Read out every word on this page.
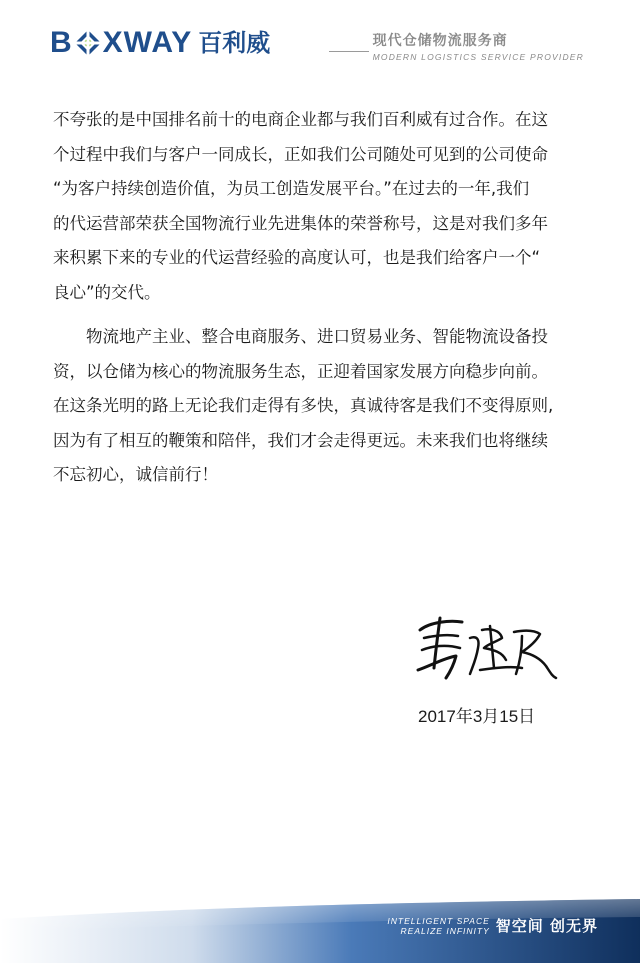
B XWAY 百利威	现代仓储物流服务商
MODERN LOGISTICS SERVICE PROVIDER

不夸张的是中国排名前十的电商企业都与我们百利威有过合作。在这
个过程中我们与客户一同成长，正如我们公司随处可见到的公司使命
“为客户持续创造价值，为员工创造发展平台。”在过去的一年,我们
的代运营部荣获全国物流行业先进集体的荣誉称号，这是对我们多年
来积累下来的专业的代运营经验的高度认可，也是我们给客户一个“
良心”的交代。

物流地产主业、整合电商服务、进口贸易业务、智能物流设备投
资，以仓储为核心的物流服务生态，正迎着国家发展方向稳步向前。
在这条光明的路上无论我们走得有多快，真诚待客是我们不变得原则,
因为有了相互的鞭策和陪伴，我们才会走得更远。未来我们也将继续
不忘初心，诚信前行！

2017年3月15日
INTELLIGENT SPACE
REALIZE INFINITY 智空间 创无界
